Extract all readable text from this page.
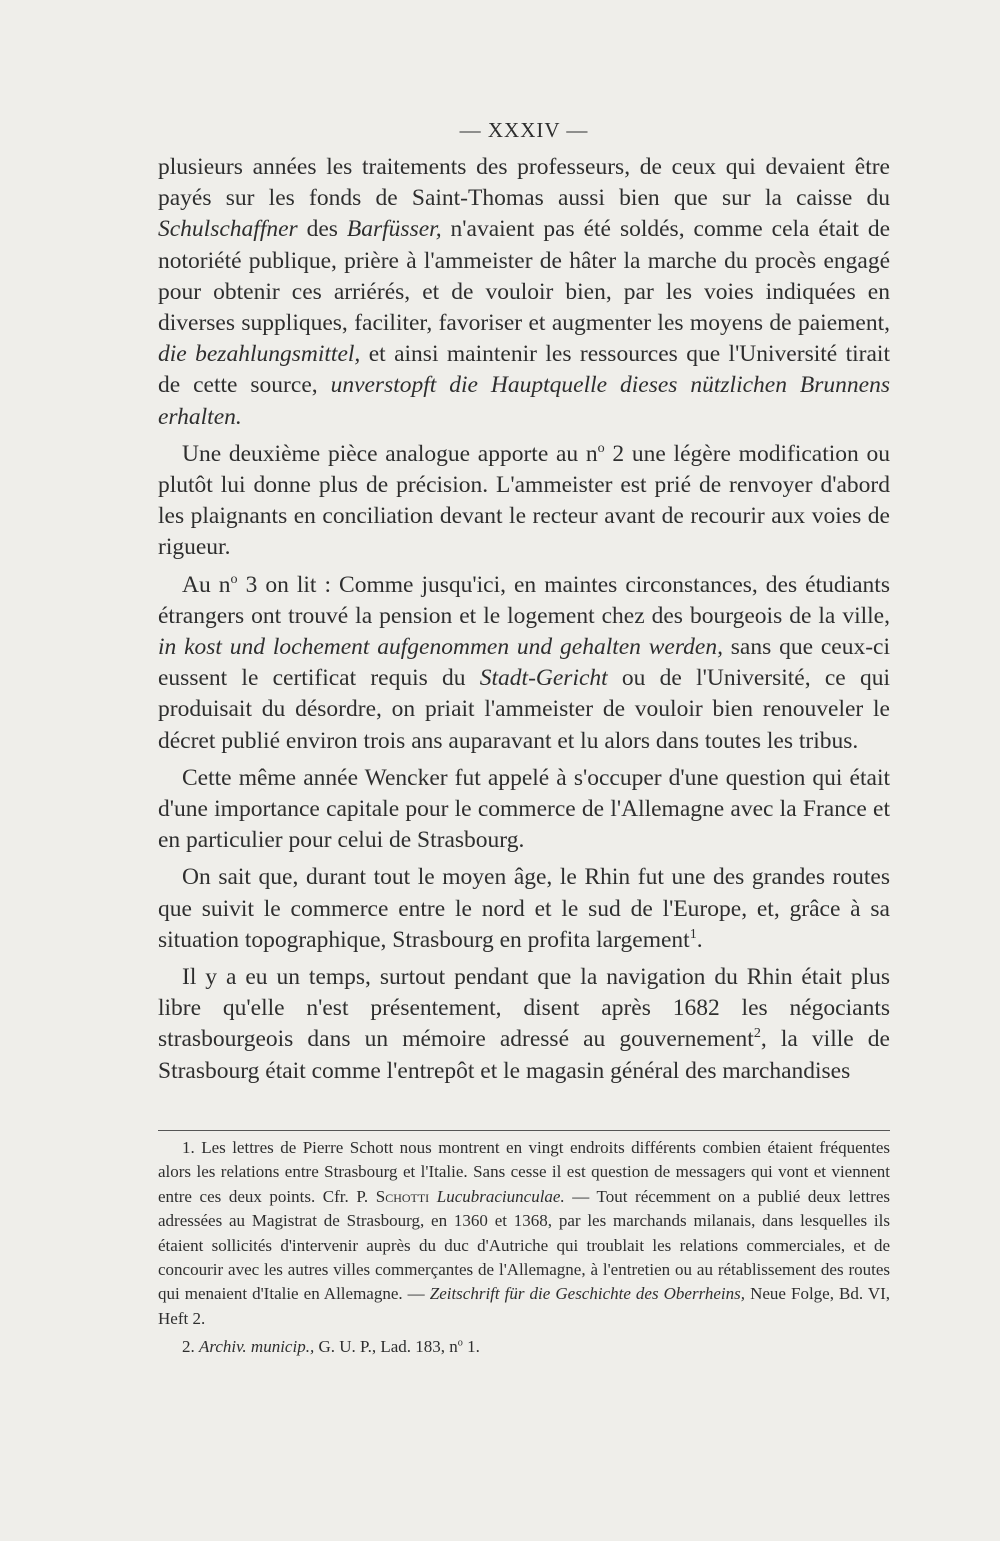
— XXXIV —

plusieurs années les traitements des professeurs, de ceux qui devaient être payés sur les fonds de Saint-Thomas aussi bien que sur la caisse du Schulschaffner des Barfüsser, n'avaient pas été soldés, comme cela était de notoriété publique, prière à l'ammeister de hâter la marche du procès engagé pour obtenir ces arriérés, et de vouloir bien, par les voies indiquées en diverses suppliques, faciliter, favoriser et augmenter les moyens de paiement, die bezahlungsmittel, et ainsi maintenir les ressources que l'Université tirait de cette source, unverstopft die Hauptquelle dieses nützlichen Brunnens erhalten.

Une deuxième pièce analogue apporte au $n^o$ 2 une légère modification ou plutôt lui donne plus de précision. L'ammeister est prié de renvoyer d'abord les plaignants en conciliation devant le recteur avant de recourir aux voies de rigueur.

Au $n^o$ 3 on lit : Comme jusqu'ici, en maintes circonstances, des étudiants étrangers ont trouvé la pension et le logement chez des bourgeois de la ville, in kost und lochement aufgenommen und gehalten werden, sans que ceux-ci eussent le certificat requis du Stadt-Gericht ou de l'Université, ce qui produisait du désordre, on priait l'ammeister de vouloir bien renouveler le décret publié environ trois ans auparavant et lu alors dans toutes les tribus.

Cette même année Wencker fut appelé à s'occuper d'une question qui était d'une importance capitale pour le commerce de l'Allemagne avec la France et en particulier pour celui de Strasbourg.

On sait que, durant tout le moyen âge, le Rhin fut une des grandes routes que suivit le commerce entre le nord et le sud de l'Europe, et, grâce à sa situation topographique, Strasbourg en profita largement$^1$.

Il y a eu un temps, surtout pendant que la navigation du Rhin était plus libre qu'elle n'est présentement, disent après 1682 les négociants strasbourgeois dans un mémoire adressé au gouvernement$^2$, la ville de Strasbourg était comme l'entrepôt et le magasin général des marchandises

1. Les lettres de Pierre Schott nous montrent en vingt endroits différents combien étaient fréquentes alors les relations entre Strasbourg et l'Italie. Sans cesse il est question de messagers qui vont et viennent entre ces deux points. Cfr. P. Schotti Lucubraciunculae. — Tout récemment on a publié deux lettres adressées au Magistrat de Strasbourg, en 1360 et 1368, par les marchands milanais, dans lesquelles ils étaient sollicités d'intervenir auprès du duc d'Autriche qui troublait les relations commerciales, et de concourir avec les autres villes commerçantes de l'Allemagne, à l'entretien ou au rétablissement des routes qui menaient d'Italie en Allemagne. — Zeitschrift für die Geschichte des Oberrheins, Neue Folge, Bd. VI, Heft 2.

2. Archiv. municip., G. U. P., Lad. 183, $n^o$ 1.
